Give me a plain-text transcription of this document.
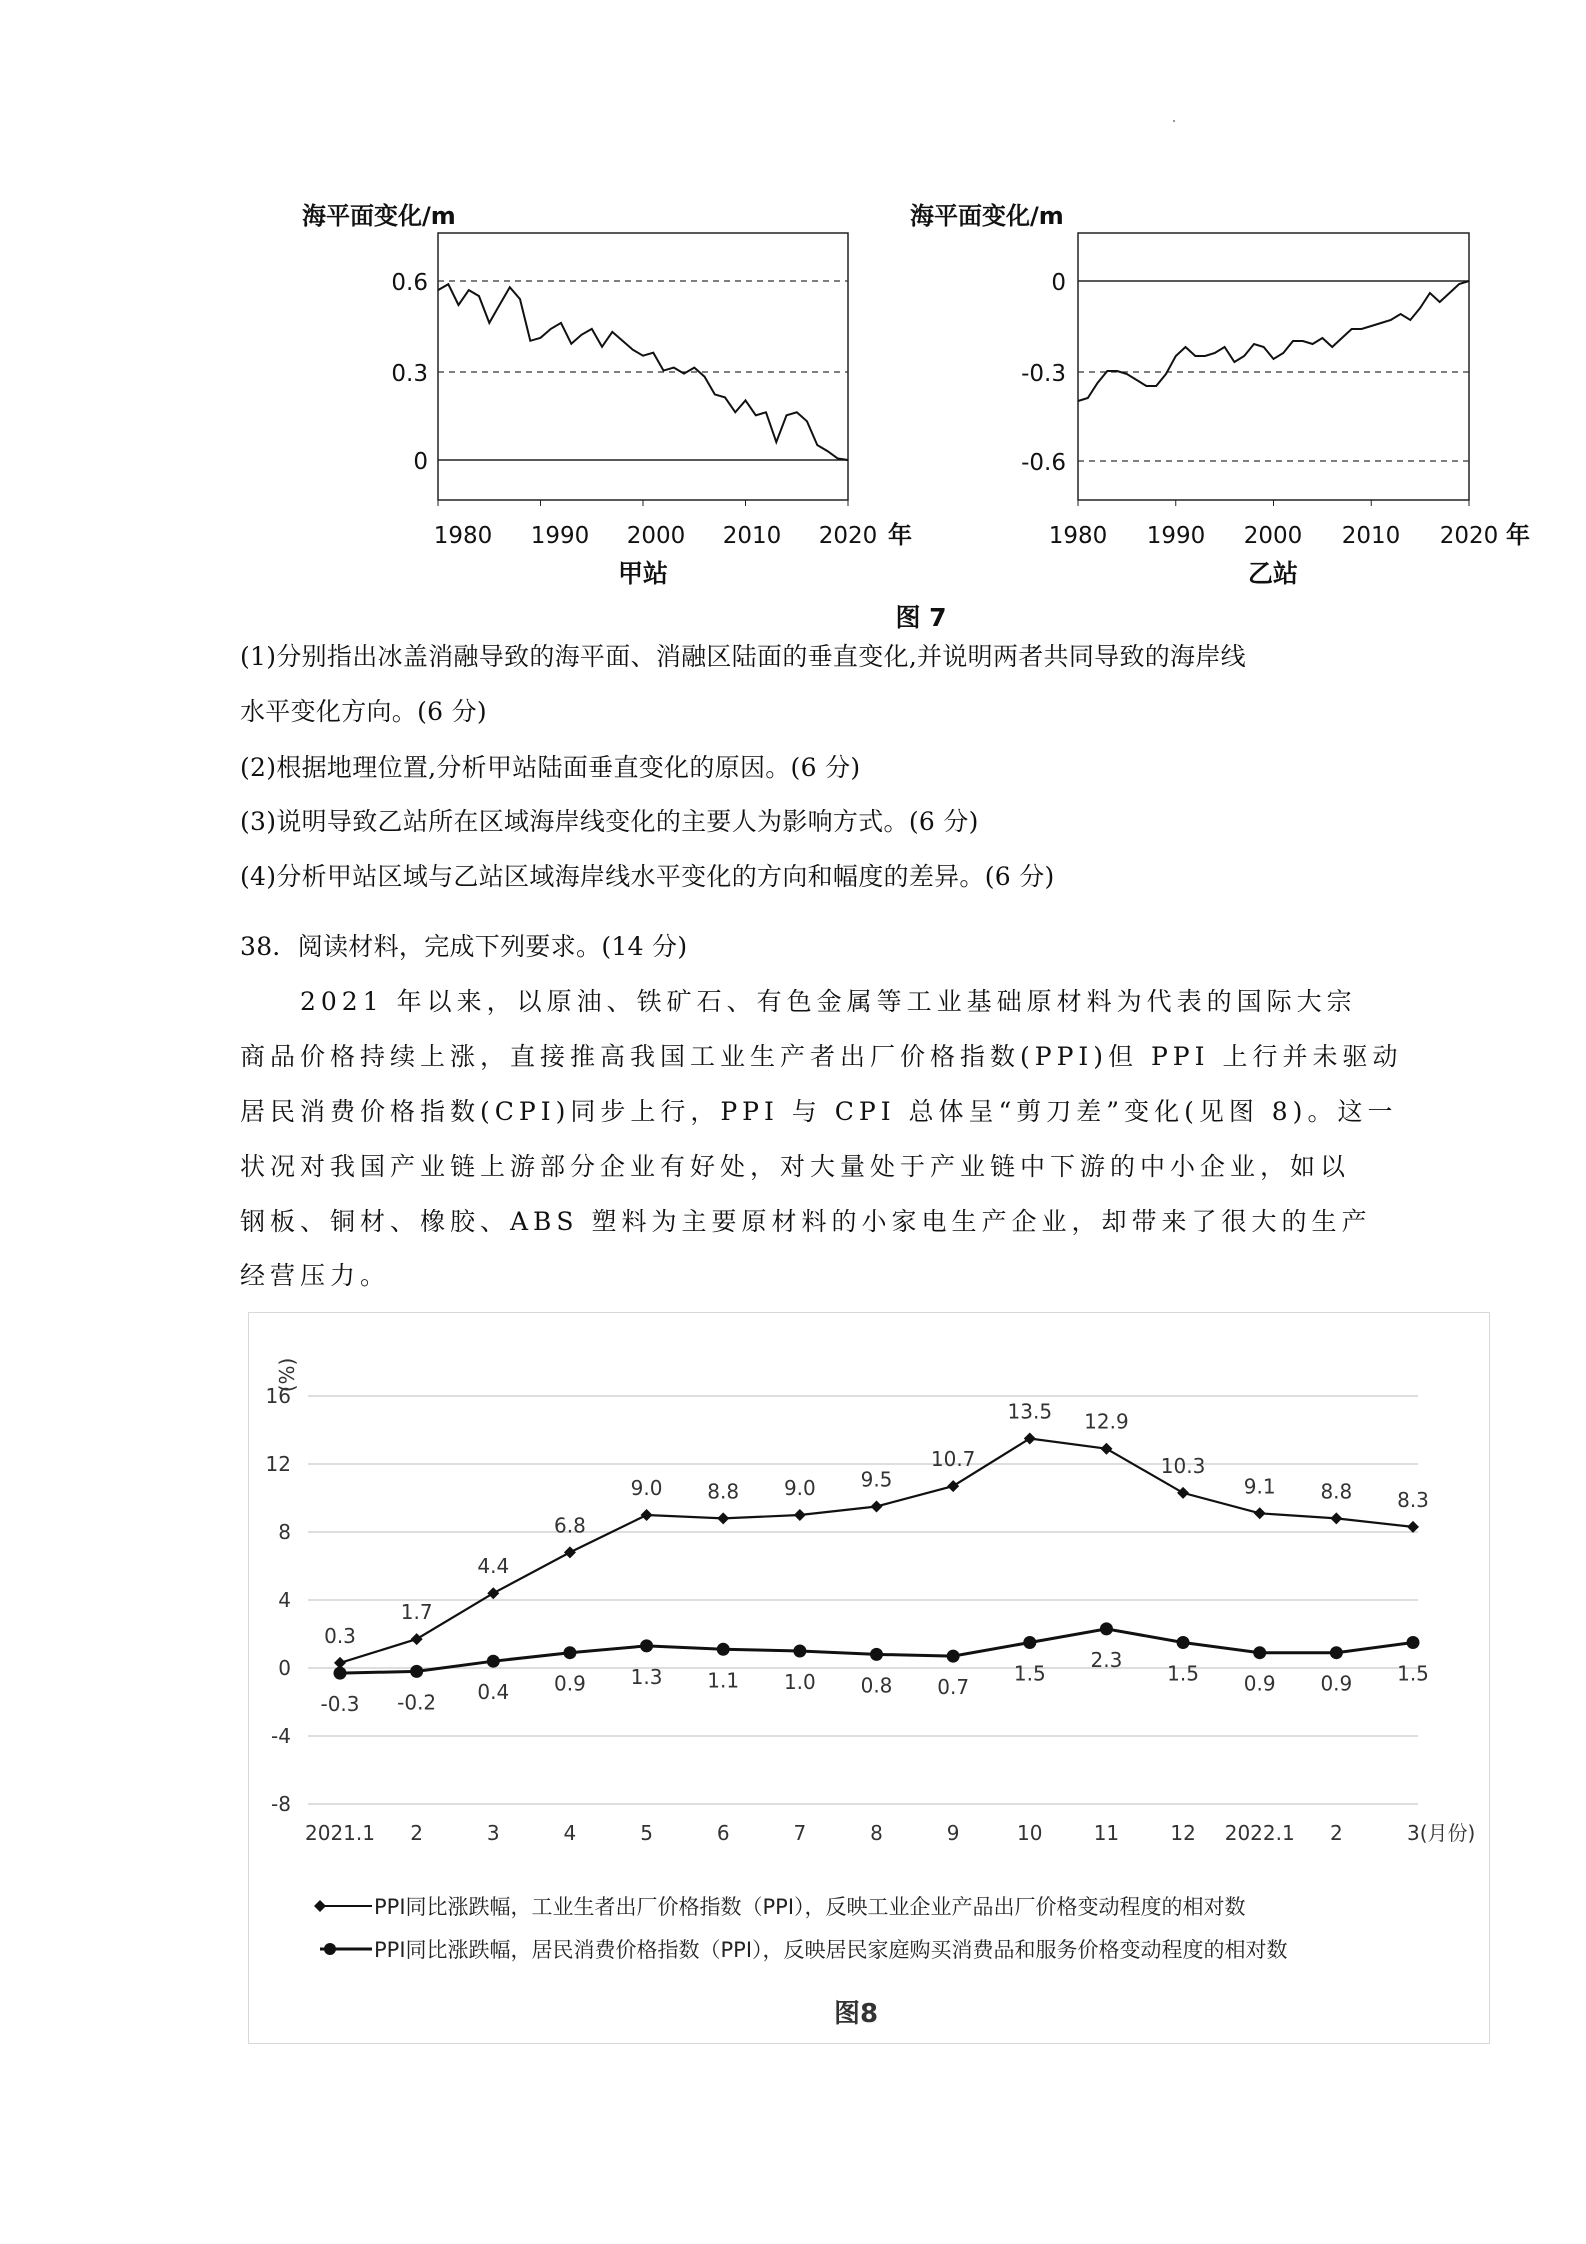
海平面变化/m
0.6
0.3
0
1980 1990 2000 2010 2020 年
甲站
海平面变化/m
0
-0.3
-0.6
1980 1990 2000 2010 2020 年
乙站
图 7
(1)分别指出冰盖消融导致的海平面、消融区陆面的垂直变化,并说明两者共同导致的海岸线
水平变化方向。(6 分)
(2)根据地理位置,分析甲站陆面垂直变化的原因。(6 分)
(3)说明导致乙站所在区域海岸线变化的主要人为影响方式。(6 分)
(4)分析甲站区域与乙站区域海岸线水平变化的方向和幅度的差异。(6 分)
38．阅读材料，完成下列要求。(14 分)
2021 年以来，以原油、铁矿石、有色金属等工业基础原材料为代表的国际大宗
商品价格持续上涨，直接推高我国工业生产者出厂价格指数(PPI)但 PPI 上行并未驱动
居民消费价格指数(CPI)同步上行，PPI 与 CPI 总体呈“剪刀差”变化(见图 8)。这一
状况对我国产业链上游部分企业有好处，对大量处于产业链中下游的中小企业，如以
钢板、铜材、橡胶、ABS 塑料为主要原材料的小家电生产企业，却带来了很大的生产
经营压力。
(%)
16
12
8
4
0
-4
-8
2021.1 2	3	4	5	6	7	8	9	10	11	12 2022.1 2	3(月份)
0.3
1.7
4.4
6.8
9.0 8.8 9.0 9.5
10.7
13.5 12.9
10.3
9.1 8.8 8.3
-0.3 -0.2 0.4 0.9 1.3 1.1 1.0 0.8 0.7
1.5
2.3
1.5 0.9 0.9 1.5
PPI同比涨跌幅，工业生者出厂价格指数（PPI），反映工业企业产品出厂价格变动程度的相对数
PPI同比涨跌幅，居民消费价格指数（PPI），反映居民家庭购买消费品和服务价格变动程度的相对数
图8
